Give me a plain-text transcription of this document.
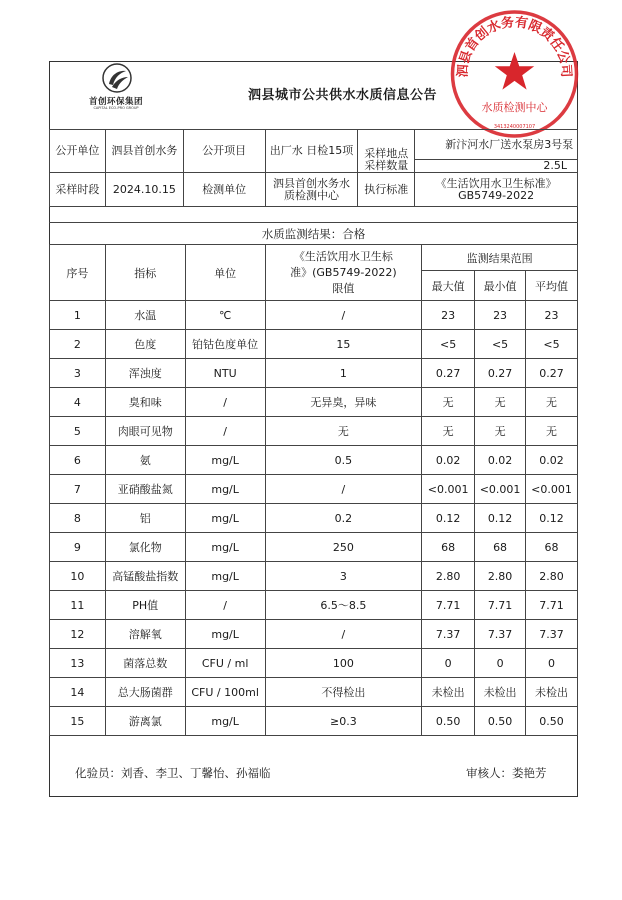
首创环保集团
CAPITAL ECO-PRO GROUP
泗县城市公共供水水质信息公告
泗县首创水务有限责任公司
水质检测中心
3413240007107
公开单位	泗县首创水务	公开项目	出厂水 日检15项	采样地点	新汴河水厂送水泵房3号泵
				采样数量	2.5L
采样时段	2024.10.15	检测单位	泗县首创水务水质检测中心	执行标准	《生活饮用水卫生标准》GB5749-2022
水质监测结果：合格
序号	指标	单位	《生活饮用水卫生标准》(GB5749-2022) 限值	监测结果范围		
				最大值	最小值	平均值
1	水温	℃	/	23	23	23
2	色度	铂钴色度单位	15	<5	<5	<5
3	浑浊度	NTU	1	0.27	0.27	0.27
4	臭和味	/	无异臭，异味	无	无	无
5	肉眼可见物	/	无	无	无	无
6	氨	mg/L	0.5	0.02	0.02	0.02
7	亚硝酸盐氮	mg/L	/	<0.001	<0.001	<0.001
8	铝	mg/L	0.2	0.12	0.12	0.12
9	氯化物	mg/L	250	68	68	68
10	高锰酸盐指数	mg/L	3	2.80	2.80	2.80
11	PH值	/	6.5～8.5	7.71	7.71	7.71
12	溶解氧	mg/L	/	7.37	7.37	7.37
13	菌落总数	CFU / ml	100	0	0	0
14	总大肠菌群	CFU / 100ml	不得检出	未检出	未检出	未检出
15	游离氯	mg/L	≥0.3	0.50	0.50	0.50
化验员：刘香、李卫、丁馨怡、孙福临	审核人：娄艳芳
